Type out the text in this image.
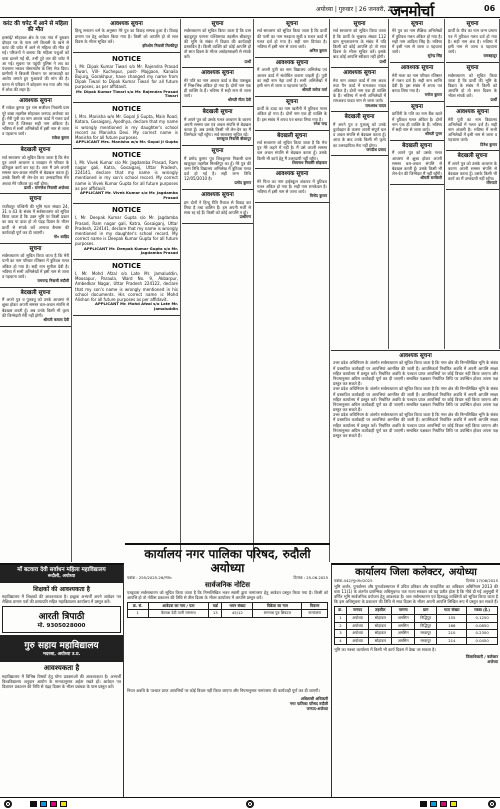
अयोध्या | गुरुवार | 26 जनवरी, 2025
जनमोर्चा	06
करंट की चपेट में आने से महिला की मौत
हरसांई/ सोहावल क्षेत्र के एक गांव में बुधवार दोपहर घर के पास लगे बिजली के खंभे से करंट की चपेट में आने से महिला की मौत हो गई। परिजनों ने बताया कि महिला पशुओं को चारा डालने गई थी, तभी टूटे तार की चपेट में आ गई। सूचना पर पहुंची पुलिस ने शव का पंचनामा भरकर पोस्टमार्टम के लिए भेज दिया। ग्रामीणों ने बिजली विभाग पर लापरवाही का आरोप लगाते हुए मुआवजे की मांग की है। घटना से परिवार में कोहराम मच गया और गांव में शोक की लहर है।
आवश्यक सूचना
मैं राकेश कुमार पुत्र राम सजीवन निवासी ग्राम पूरे बाबा तहसील सोहावल जनपद अयोध्या का हूँ। मेरी पुत्री का नाम आधार कार्ड में गलत दर्ज हो गया है जिसका सही नाम अंकिता है। भविष्य में सभी अभिलेखों में इसी नाम से जाना व पहचाना जाये।
राकेश कुमार
बेदखली सूचना
सर्व साधारण को सूचित किया जाता है कि मेरा पुत्र अपने आचरण व व्यवहार से परिवार के प्रतिकूल कार्य कर रहा है। अतः मैं उसे अपनी समस्त चल-अचल संपत्ति से बेदखल करता हूँ। उसके किसी भी लेन-देन का उत्तरदायित्व मेरा अथवा मेरे परिवार का नहीं होगा।
प्रार्थी : रामनरेश निवासी अयोध्या
सूचना
राजीवपुर पश्चिमी की भूमि गाटा संख्या 24, 31 व 43 के संबंध में सर्वसाधारण को सूचित किया जाता है कि उक्त भूमि पर किसी प्रकार का वाद या दावा हो तो पंद्रह दिवस के भीतर प्रार्थी से संपर्क करें अन्यथा बैनामा की कार्यवाही पूर्ण कर दी जाएगी।
मो० शाहिद
सूचना
सर्वसाधारण को सूचित किया जाता है कि मेरी पत्नी का नाम परिवार रजिस्टर में त्रुटिवश गलत अंकित हो गया है। सही नाम सुनीता देवी है। भविष्य में सभी अभिलेखों में इसी नाम से जाना व पहचाना जाये।
रामचन्द्र निवासी रुदौली
बेदखली सूचना
मैं अपने पुत्र व पुत्रवधू को उनके आचरण से क्षुब्ध होकर अपनी समस्त चल-अचल संपत्ति से बेदखल करती हूँ। अब उनके किसी भी कृत्य की जिम्मेदारी मेरी नहीं होगी।
श्रीमती कमला देवी
आवश्यक सूचना
हिन्दू सनातन धर्म के अनुसार मेरे पुत्र का विवाह सम्पन्न हुआ है। विवाह प्रमाण पत्र हेतु आवेदन किया गया है। किसी को आपत्ति हो तो सात दिवस के भीतर सूचित करें।
हरिओम निवासी मिल्कीपुर
NOTICE
I, Mr. Dipak Kumar Tiwari s/o Mr. Rajendra Prasad Tiwari, Vill- Kuchepur, post- Majgaon, Kanaila Bujurg, Gorakhpur, have changed my name from Dipak Tiwari to Dipak Kumar Tiwari for all future purposes, as per affidavit.
Mr. Dipak Kumar Tiwari s/o Mr. Rajendra Prasad Tiwari
NOTICE
I, Mrs. Manisha w/o Mr. Gopal Ji Gupta, Main Road, Katara, Gosaiganj, Ayodhya, declare that my name is wrongly mentioned in my daughter's school record as Manisha Devi. My correct name is Manisha for all future purposes.
APPLICANT Mrs. Manisha w/o Mr. Gopal Ji Gupta
NOTICE
I, Mr. Vivek Kumar s/o Mr. Jagdamba Prasad, Ram nagar gali, Katra, Gosaiganj, Uttar Pradesh, 224141, declare that my name is wrongly mentioned in my son's school record. My correct name is Vivek Kumar Gupta for all future purposes as per affidavit.
APPLICANT Mr. Vivek Kumar s/o Mr. Jagdamba Prasad
NOTICE
I, Mr. Deepak Kumar Gupta s/o Mr. Jagdamba Prasad, Ram nagar gali, Katra, Gosaiganj, Uttar Pradesh, 224141, declare that my name is wrongly mentioned in my daughter's school record. My correct name is Deepak Kumar Gupta for all future purposes.
APPLICANT Mr. Deepak Kumar Gupta s/o Mr. Jagdamba Prasad
NOTICE
I, Mr. Mohd Afzal s/o Late Mr. Jamaluddin, Moosapur, Paraula, Ward No. 9, Akbarpur, Ambedkar Nagar, Uttar Pradesh 224122, declare that my son's name is wrongly mentioned in his school documents. His correct name is Mohd Alishan for all future purposes as per affidavit.
APPLICANT Mr. Mohd Afzal s/o Late Mr. Jamaluddin
सूचना
सर्वसाधारण को सूचित किया जाता है कि ग्राम बहादुरपुर परगना पश्चिमराठ तहसील बीकापुर की भूमि के संबंध में विक्रय की कार्यवाही प्रस्तावित है। किसी व्यक्ति को कोई आपत्ति हो तो सात दिवस के भीतर अधोहस्ताक्षरी से संपर्क करें।
प्रार्थी
आवश्यक सूचना
मेरे पति का नाम आधार कार्ड व बैंक पासबुक में भिन्न-भिन्न अंकित हो गया है। दोनों नाम एक ही व्यक्ति के हैं। भविष्य में सही नाम से जाना जाये।
श्रीमती गीता देवी
बेदखली सूचना
मैं अपने पुत्र को उसके गलत आचरण के कारण अपनी समस्त चल एवं अचल संपत्ति से बेदखल करता हूँ। अब उसके किसी भी लेन-देन का मैं जिम्मेदार नहीं रहूँगा। सर्व साधारण सूचित रहें।
रामसूरत निवासी बीकापुर
सूचना
मैं प्रमोद कुमार पुत्र शिवकुमार निवासी ग्राम खजुरहट तहसील मिल्कीपुर का हूँ। मेरे पुत्र की जन्म तिथि विद्यालय अभिलेख में त्रुटिवश गलत दर्ज हो गई है। सही जन्म तिथि 12/05/2010 है।
प्रमोद कुमार
आवश्यक सूचना
हम दोनों ने हिन्दू रीति रिवाज से विवाह कर लिया है तथा बालिग हैं। हम अपनी मर्जी से साथ रह रहे हैं। किसी को कोई आपत्ति न हो।
प्रार्थीगण
सूचना
सर्व साधारण को सूचित किया जाता है कि प्रार्थी की पत्नी का नाम मतदाता सूची व राशन कार्ड में गलत दर्ज हो गया है। सही नाम प्रियंका है। भविष्य में इसी नाम से जाना जाये।
अनिल कुमार
आवश्यक सूचना
मैं अपनी पुत्री का नाम विद्यालय अभिलेख एवं आधार कार्ड में संशोधित कराना चाहती हूँ। पुत्री का सही नाम नेहा वर्मा है। सभी अभिलेखों में इसी नाम से जाना व पहचाना जाये।
श्रीमती सरोज वर्मा
सूचना
प्रार्थी के दादा का नाम खतौनी में त्रुटिवश गलत अंकित हो गया है। दोनों नाम एक ही व्यक्ति के हैं। इस संबंध में शपथ पत्र बनवा लिया गया है।
रमेश चन्द्र
बेदखली सूचना
सर्व साधारण को सूचित किया जाता है कि मेरा पुत्र मेरे कहने में नहीं है। मैं उसे अपनी समस्त चल अचल संपत्ति से बेदखल करता हूँ। उसके किसी भी कार्य हेतु मैं उत्तरदायी नहीं रहूँगा।
शिवनाथ निवासी सोहावल
आवश्यक सूचना
मेरे पिता का नाम हाईस्कूल अंकपत्र में त्रुटिवश गलत अंकित हो गया है। सही नाम रामकेवल है। भविष्य में इसी नाम से जाना जाये।
विनोद कुमार
सूचना
सर्व साधारण को सूचित किया जाता है कि प्रार्थी के भूखण्ड संख्या 112 ग्राम मुमताजनगर के संबंध में यदि किसी को कोई आपत्ति हो तो सात दिवस के भीतर सूचित करें। इसके बाद कोई आपत्ति स्वीकार नहीं होगी।
प्रार्थी
आवश्यक सूचना
मेरा नाम आधार कार्ड में राम अवध तथा पैन कार्ड में रामअवध यादव अंकित है। दोनों नाम एक ही व्यक्ति के हैं। भविष्य में सभी अभिलेखों में रामअवध यादव नाम से जाना जाये।
रामअवध यादव
बेदखली सूचना
मैं अपने पुत्र व पुत्रवधू को उनके दुर्व्यवहार के कारण अपनी संपूर्ण चल व अचल संपत्ति से बेदखल करता हूँ। आज के बाद उनके किसी भी कृत्य का उत्तरदायित्व मेरा नहीं होगा।
जगदीश प्रसाद
सूचना
मेरे पुत्र का नाम शैक्षिक अभिलेखों में त्रुटिवश गलत अंकित हो गया है। सही नाम आदित्य सिंह है। भविष्य में इसी नाम से जाना व पहचाना जाये।
सुरेन्द्र सिंह
आवश्यक सूचना
मेरी माता का नाम परिवार रजिस्टर में गलत दर्ज है। सही नाम शान्ति देवी है। इस संबंध में शपथ पत्र बनवा लिया गया है।
मनोज कुमार
सूचना
प्रार्थिनी के पति का नाम बैंक खाते में त्रुटिवश गलत अंकित है। दोनों नाम एक ही व्यक्ति के हैं। भविष्य में सही नाम से जाना जाये।
श्रीमती पूनम
बेदखली सूचना
मैं अपने पुत्र को उसके गलत आचरण से क्षुब्ध होकर अपनी समस्त चल-अचल संपत्ति से बेदखल करती हूँ। उसके किसी भी लेन-देन की जिम्मेदार मैं नहीं रहूँगी।
श्रीमती रामकली
सूचना
प्रार्थी के पौत्र का नाम जन्म प्रमाण पत्र में त्रुटिवश गलत दर्ज हो गया है। सही नाम अंश है। भविष्य में इसी नाम से जाना व पहचाना जाये।
रामबहादुर
सूचना
सर्वसाधारण को सूचित किया जाता है कि प्रार्थी की भूमि के विक्रय के संबंध में किसी को आपत्ति हो तो सात दिवस के भीतर संपर्क करें।
प्रार्थी
आवश्यक सूचना
मेरी पुत्री का नाम विद्यालय अभिलेखों में गलत दर्ज है। सही नाम अंजली है। भविष्य में सभी अभिलेखों में इसी नाम से जाना व पहचाना जाये।
दिनेश कुमार
बेदखली सूचना
मैं अपने पुत्र को उसके आचरण के कारण अपनी समस्त संपत्ति से बेदखल करता हूँ। उसके किसी भी कार्य का मैं उत्तरदायी नहीं रहूँगा।
रामप्यारे
आवश्यक सूचना
उत्तर प्रदेश अधिनियम के अंतर्गत सर्वसाधारण को सूचित किया जाता है कि नगर क्षेत्र की निम्नलिखित भूमि के संबंध में प्रस्तावित कार्यवाही पर आपत्तियां आमंत्रित की जाती हैं। आपत्तिकर्ता निर्धारित अवधि में अपनी आपत्ति साक्ष्य सहित कार्यालय में प्रस्तुत करें। निर्धारित अवधि के पश्चात प्राप्त आपत्तियों पर कोई विचार नहीं किया जाएगा और नियमानुसार अग्रिम कार्यवाही पूर्ण कर दी जाएगी। सम्बंधित पक्षकार निर्धारित तिथि पर उपस्थित होकर अपना पक्ष प्रस्तुत कर सकते हैं।
उत्तर प्रदेश अधिनियम के अंतर्गत सर्वसाधारण को सूचित किया जाता है कि नगर क्षेत्र की निम्नलिखित भूमि के संबंध में प्रस्तावित कार्यवाही पर आपत्तियां आमंत्रित की जाती हैं। आपत्तिकर्ता निर्धारित अवधि में अपनी आपत्ति साक्ष्य सहित कार्यालय में प्रस्तुत करें। निर्धारित अवधि के पश्चात प्राप्त आपत्तियों पर कोई विचार नहीं किया जाएगा और नियमानुसार अग्रिम कार्यवाही पूर्ण कर दी जाएगी। सम्बंधित पक्षकार निर्धारित तिथि पर उपस्थित होकर अपना पक्ष प्रस्तुत कर सकते हैं।
उत्तर प्रदेश अधिनियम के अंतर्गत सर्वसाधारण को सूचित किया जाता है कि नगर क्षेत्र की निम्नलिखित भूमि के संबंध में प्रस्तावित कार्यवाही पर आपत्तियां आमंत्रित की जाती हैं। आपत्तिकर्ता निर्धारित अवधि में अपनी आपत्ति साक्ष्य सहित कार्यालय में प्रस्तुत करें। निर्धारित अवधि के पश्चात प्राप्त आपत्तियों पर कोई विचार नहीं किया जाएगा और नियमानुसार अग्रिम कार्यवाही पूर्ण कर दी जाएगी। सम्बंधित पक्षकार निर्धारित तिथि पर उपस्थित होकर अपना पक्ष प्रस्तुत कर सकते हैं।
माँ बटवारा देवी सर्वाधन महिला महाविद्यालय
रूदौली, अयोध्या
शिक्षकों की आवश्यकता है
महाविद्यालय में शिक्षकों की आवश्यकता है। इच्छुक अभ्यर्थी अपने आवेदन पत्र शैक्षिक प्रमाण पत्रों की छायाप्रति सहित महाविद्यालय कार्यालय में प्रस्तुत करें।
आरती त्रिपाठी
मो. 9305028000
गुरु सहाय महाविद्यालय
भदरसा, अयोध्या उ.प्र.
आवश्यकता है
महाविद्यालय में विभिन्न विषयों हेतु योग्य प्रवक्ताओं की आवश्यकता है। अभ्यर्थी विश्वविद्यालय अनुदान आयोग के मानकानुसार अर्हता रखते हों। आवेदन पत्र विज्ञापन प्रकाशन की तिथि से पंद्रह दिवस के भीतर प्रबंधक के पास प्रस्तुत करें।
कार्यालय नगर पालिका परिषद, रुदौली अयोध्या
पत्रांक : 255/2025-26/नपा०	दिनांक : 25.06.2025
सार्वजनिक नोटिस
एतद्द्वारा सर्वसाधारण को सूचित किया जाता है कि निम्नलिखित भवन स्वामी द्वारा नामांतरण हेतु आवेदन प्रस्तुत किया गया है। किसी को आपत्ति हो तो नोटिस प्रकाशन की तिथि से तीस दिवस के भीतर कार्यालय में आपत्ति प्रस्तुत करें।
क्र. सं.	आवेदक का नाम / पता	वार्ड	भवन संख्या	विक्रेता का नाम	विवरण
1	कैलाश देवी पत्नी रामनाथ	13	45/12	रामनाथ पुत्र शिवदत्त	नामांतरण
नियत अवधि के पश्चात प्राप्त आपत्तियों पर कोई विचार नहीं किया जाएगा और नियमानुसार नामांतरण की कार्यवाही पूर्ण कर दी जाएगी।
अधिशासी अधिकारी
नगर पालिका परिषद रुदौली
जनपद-अयोध्या
कार्यालय जिला कलेक्टर, अयोध्या
पत्रांक-442/भू०अ०/2025	दिनांक 17/06/2025
भूमि अर्जन, पुनर्वासन और पुनर्व्यवस्थापन में उचित प्रतिकर और पारदर्शिता का अधिकार अधिनियम 2013 की धारा 11(1) के अंतर्गत प्रारम्भिक अधिसूचना। यतः राज्य सरकार को यह प्रतीत होता है कि नीचे दी गई अनुसूची में वर्णित भूमि सार्वजनिक प्रयोजन हेतु आवश्यक है। अतः सर्वसाधारण एवं हितबद्ध व्यक्तियों को सूचित किया जाता है कि इस अधिसूचना के प्रकाशन की तिथि से साठ दिवस के भीतर अपनी आपत्ति लिखित रूप में प्रस्तुत कर सकते हैं।
क्र.	जनपद	तहसील	परगना	ग्राम	गाटा संख्या	रकबा (हे.)
1	अयोध्या	सोहावल	अमसिन	निद्धिपुर	155	0.1250
2	अयोध्या	सोहावल	अमसिन	निद्धिपुर	166	0.0850
3	अयोध्या	सोहावल	अमसिन	रमवापुर	210	0.2300
4	अयोध्या	सोहावल	अमसिन	रमवापुर	214	0.0450
भूमि का नक्शा कार्यालय में किसी भी कार्य दिवस में देखा जा सकता है।
जिलाधिकारी / कलेक्टर
अयोध्या
